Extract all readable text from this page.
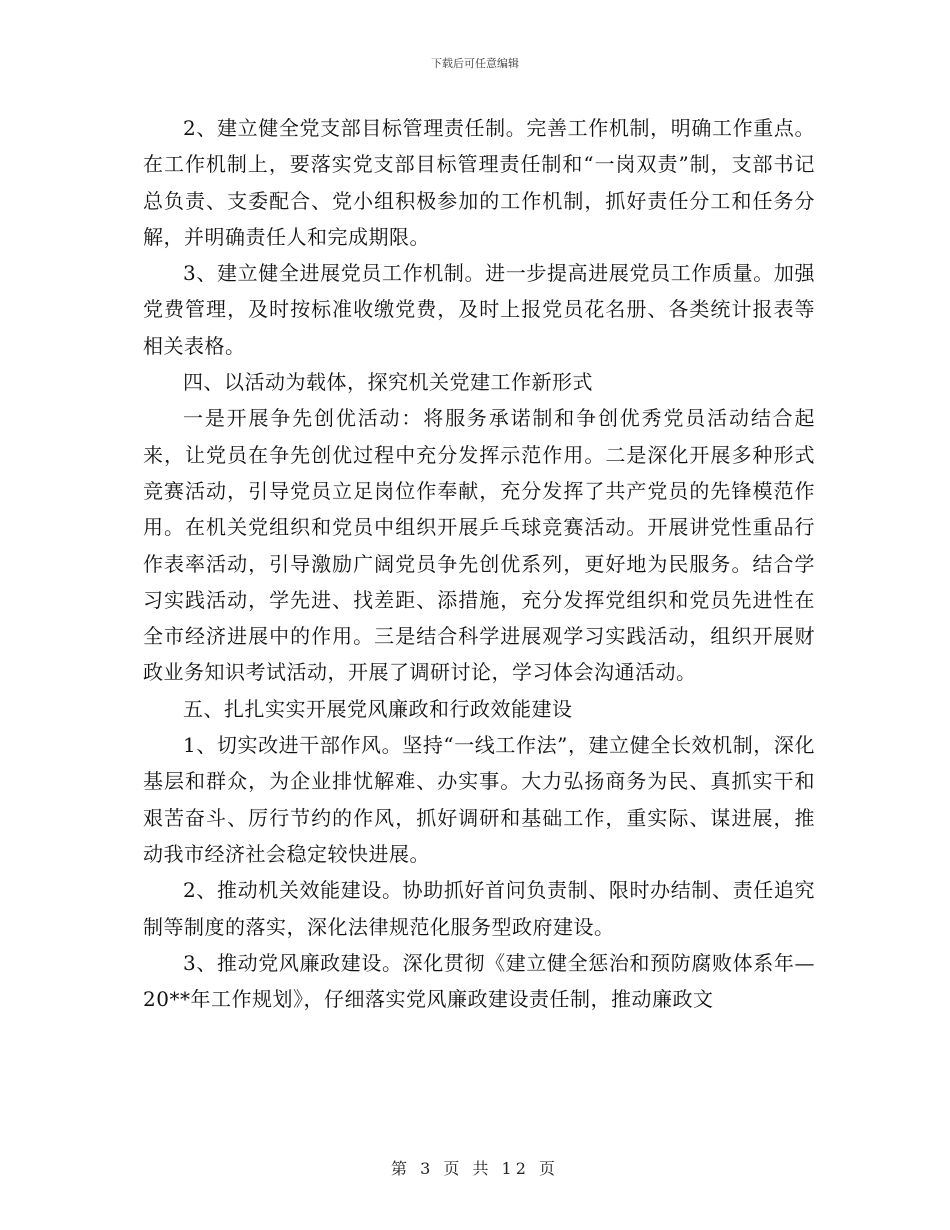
下载后可任意编辑

2、建立健全党支部目标管理责任制。完善工作机制，明确工作重点。在工作机制上，要落实党支部目标管理责任制和“一岗双责”制，支部书记总负责、支委配合、党小组积极参加的工作机制，抓好责任分工和任务分解，并明确责任人和完成期限。

3、建立健全进展党员工作机制。进一步提高进展党员工作质量。加强党费管理，及时按标准收缴党费，及时上报党员花名册、各类统计报表等相关表格。

四、以活动为载体，探究机关党建工作新形式

一是开展争先创优活动：将服务承诺制和争创优秀党员活动结合起来，让党员在争先创优过程中充分发挥示范作用。二是深化开展多种形式竞赛活动，引导党员立足岗位作奉献，充分发挥了共产党员的先锋模范作用。在机关党组织和党员中组织开展乒乓球竞赛活动。开展讲党性重品行作表率活动，引导激励广阔党员争先创优系列，更好地为民服务。结合学习实践活动，学先进、找差距、添措施，充分发挥党组织和党员先进性在全市经济进展中的作用。三是结合科学进展观学习实践活动，组织开展财政业务知识考试活动，开展了调研讨论，学习体会沟通活动。

五、扎扎实实开展党风廉政和行政效能建设

1、切实改进干部作风。坚持“一线工作法”，建立健全长效机制，深化基层和群众，为企业排忧解难、办实事。大力弘扬商务为民、真抓实干和艰苦奋斗、厉行节约的作风，抓好调研和基础工作，重实际、谋进展，推动我市经济社会稳定较快进展。

2、推动机关效能建设。协助抓好首问负责制、限时办结制、责任追究制等制度的落实，深化法律规范化服务型政府建设。

3、推动党风廉政建设。深化贯彻《建立健全惩治和预防腐败体系年—20**年工作规划》，仔细落实党风廉政建设责任制，推动廉政文

第 3 页 共 12 页
